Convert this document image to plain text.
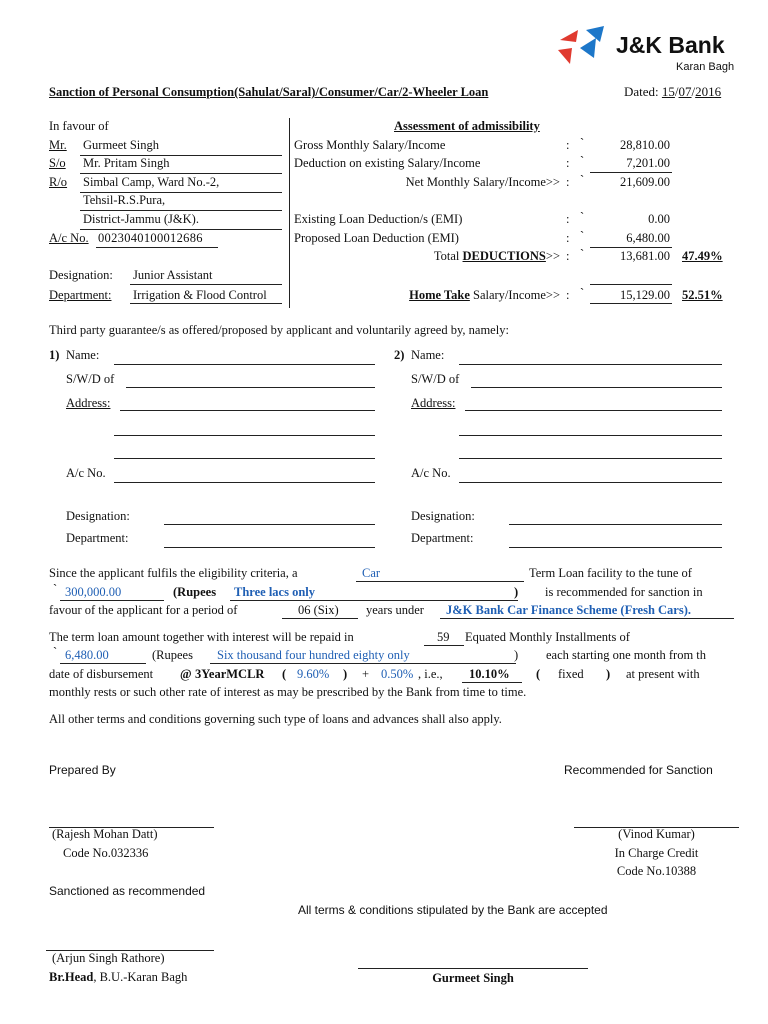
J&K Bank
Karan Bagh
Sanction of Personal Consumption(Sahulat/Saral)/Consumer/Car/2-Wheeler Loan	Dated: 15/07/2016
In favour of
Mr. Gurmeet Singh
S/o Mr. Pritam Singh
R/o Simbal Camp, Ward No.-2,
Tehsil-R.S.Pura,
District-Jammu (J&K).
A/c No. 0023040100012686
Designation: Junior Assistant
Department: Irrigation & Flood Control
Assessment of admissibility
Gross Monthly Salary/Income	: `	28,810.00
Deduction on existing Salary/Income	: `	7,201.00
Net Monthly Salary/Income>> : `	21,609.00
Existing Loan Deduction/s (EMI)	: `	0.00
Proposed Loan Deduction (EMI)	: `	6,480.00
Total DEDUCTIONS>> : `	13,681.00 47.49%
Home Take Salary/Income>> : `	15,129.00 52.51%
Third party guarantee/s as offered/proposed by applicant and voluntarily agreed by, namely:
1) Name:
S/W/D of
Address:
A/c No.
Designation:
Department:
2) Name:
S/W/D of
Address:
A/c No.
Designation:
Department:
Since the applicant fulfils the eligibility criteria, a	Car	Term Loan facility to the tune of
` 300,000.00	(Rupees Three lacs only	) is recommended for sanction in
favour of the applicant for a period of	06 (Six) years under J&K Bank Car Finance Scheme (Fresh Cars).
The term loan amount together with interest will be repaid in	59 Equated Monthly Installments of
` 6,480.00	(Rupees Six thousand four hundred eighty only	) each starting one month from th
date of disbursement @ 3YearMCLR ( 9.60% ) + 0.50% , i.e., 10.10% ( fixed ) at present with
monthly rests or such other rate of interest as may be prescribed by the Bank from time to time.
All other terms and conditions governing such type of loans and advances shall also apply.
Prepared By	Recommended for Sanction
(Rajesh Mohan Datt)
Code No.032336
(Vinod Kumar)
In Charge Credit
Code No.10388
Sanctioned as recommended
All terms & conditions stipulated by the Bank are accepted
(Arjun Singh Rathore)
Br.Head, B.U.-Karan Bagh	Gurmeet Singh
